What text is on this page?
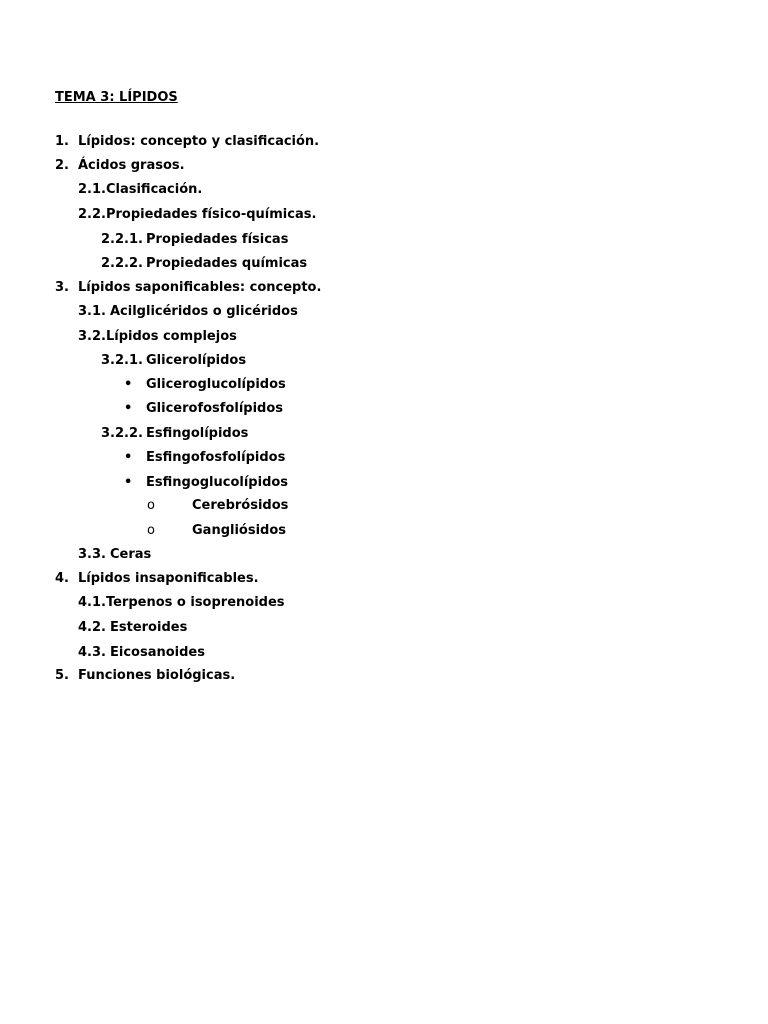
TEMA 3: LÍPIDOS
1. Lípidos: concepto y clasificación.
2. Ácidos grasos.
2.1.Clasificación.
2.2.Propiedades físico-químicas.
2.2.1. Propiedades físicas
2.2.2. Propiedades químicas
3. Lípidos saponificables: concepto.
3.1. Acilglicéridos o glicéridos
3.2.Lípidos complejos
3.2.1. Glicerolípidos
• Gliceroglucolípidos
• Glicerofosfolípidos
3.2.2. Esfingolípidos
• Esfingofosfolípidos
• Esfingoglucolípidos
o	Cerebrósidos
o	Gangliósidos
3.3. Ceras
4. Lípidos insaponificables.
4.1.Terpenos o isoprenoides
4.2. Esteroides
4.3. Eicosanoides
5. Funciones biológicas.
